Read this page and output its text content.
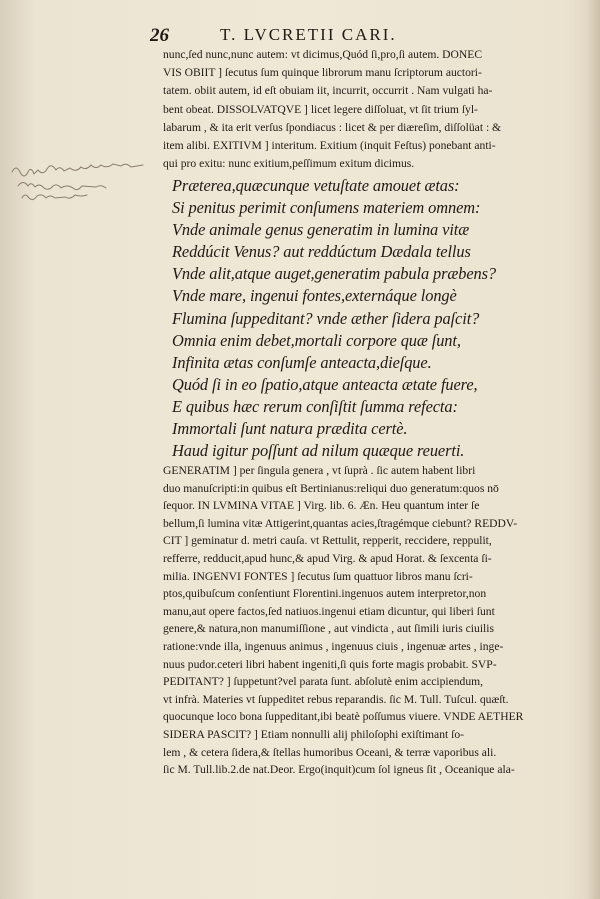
26	T. LVCRETII CARI.

nunc,ſed nunc,nunc autem: vt dicimus,Quód ſi,pro,ſi autem. DONEC

VIS OBIIT ] ſecutus ſum quinque librorum manu ſcriptorum auctori-

tatem. obiit autem, id eſt obuiam iit, incurrit, occurrit . Nam vulgati ha-

bent obeat. DISSOLVATQVE ] licet legere diſſoluat, vt ſit trium ſyl-

labarum , & ita erit verſus ſpondiacus : licet & per diæreſim, diſſolüat : &

item alibi. EXITIVM ] interitum. Exitium (inquit Feſtus) ponebant anti-

qui pro exitu: nunc exitium,peſſimum exitum dicimus.

Præterea,quæcunque vetuſtate amouet ætas:
Si penitus perimit conſumens materiem omnem:
Vnde animale genus generatim in lumina vitæ
Reddúcit Venus? aut reddúctum Dædala tellus
Vnde alit,atque auget,generatim pabula præbens?
Vnde mare, ingenui fontes,externáque longè
Flumina ſuppeditant? vnde æther ſidera paſcit?
Omnia enim debet,mortali corpore quæ ſunt,
Infinita ætas conſumſe anteacta,dieſque.
Quód ſi in eo ſpatio,atque anteacta ætate fuere,
E quibus hæc rerum conſiſtit ſumma refecta:
Immortali ſunt natura prædita certè.
Haud igitur poſſunt ad nilum quæque reuerti.

GENERATIM ] per ſingula genera , vt ſuprà . ſic autem habent libri

duo manuſcripti:in quibus eſt Bertinianus:reliqui duo generatum:quos nō

ſequor. IN LVMINA VITAE ] Virg. lib. 6. Æn. Heu quantum inter ſe

bellum,ſi lumina vitæ Attigerint,quantas acies,ſtragémque ciebunt? REDDV-

CIT ] geminatur d. metri cauſa. vt Rettulit, repperit, reccidere, reppulit,

refferre, redducit,apud hunc,& apud Virg. & apud Horat. & ſexcenta ſi-

milia. INGENVI FONTES ] ſecutus ſum quattuor libros manu ſcri-

ptos,quibuſcum conſentiunt Florentini.ingenuos autem interpretor,non

manu,aut opere factos,ſed natiuos.ingenui etiam dicuntur, qui liberi ſunt

genere,& natura,non manumiſſione , aut vindicta , aut ſimili iuris ciuilis

ratione:vnde illa, ingenuus animus , ingenuus ciuis , ingenuæ artes , inge-

nuus pudor.ceteri libri habent ingeniti,ſi quis forte magis probabit. SVP-

PEDITANT? ] ſuppetunt?vel parata ſunt. abſolutè enim accipiendum,

vt infrà. Materies vt ſuppeditet rebus reparandis. ſic M. Tull. Tuſcul. quæſt.

quocunque loco bona ſuppeditant,ibi beatè poſſumus viuere. VNDE AETHER

SIDERA PASCIT? ] Etiam nonnulli alij philoſophi exiſtimant ſo-

lem , & cetera ſidera,& ſtellas humoribus Oceani, & terræ vaporibus ali.

ſic M. Tull.lib.2.de nat.Deor. Ergo(inquit)cum ſol igneus ſit , Oceanique ala-
